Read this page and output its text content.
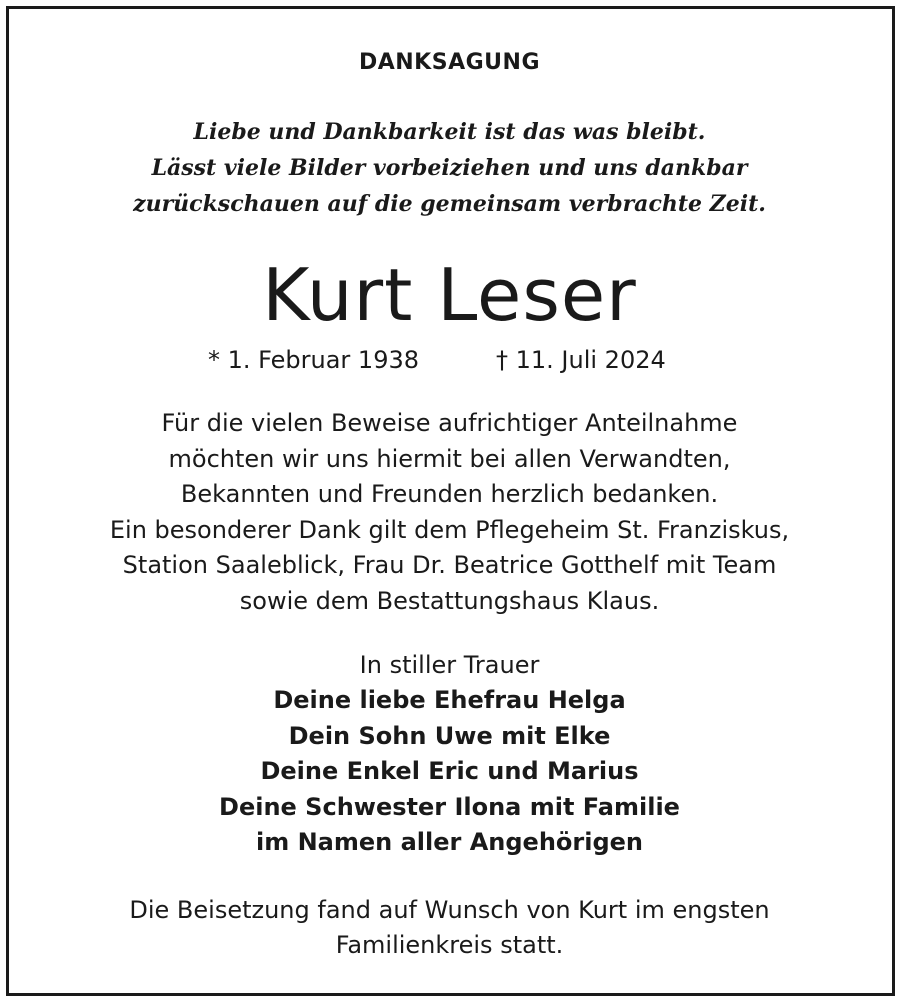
DANKSAGUNG
Liebe und Dankbarkeit ist das was bleibt.
Lässt viele Bilder vorbeiziehen und uns dankbar
zurückschauen auf die gemeinsam verbrachte Zeit.
Kurt Leser
* 1. Februar 1938	† 11. Juli 2024
Für die vielen Beweise aufrichtiger Anteilnahme
möchten wir uns hiermit bei allen Verwandten,
Bekannten und Freunden herzlich bedanken.
Ein besonderer Dank gilt dem Pflegeheim St. Franziskus,
Station Saaleblick, Frau Dr. Beatrice Gotthelf mit Team
sowie dem Bestattungshaus Klaus.
In stiller Trauer
Deine liebe Ehefrau Helga
Dein Sohn Uwe mit Elke
Deine Enkel Eric und Marius
Deine Schwester Ilona mit Familie
im Namen aller Angehörigen
Die Beisetzung fand auf Wunsch von Kurt im engsten
Familienkreis statt.
